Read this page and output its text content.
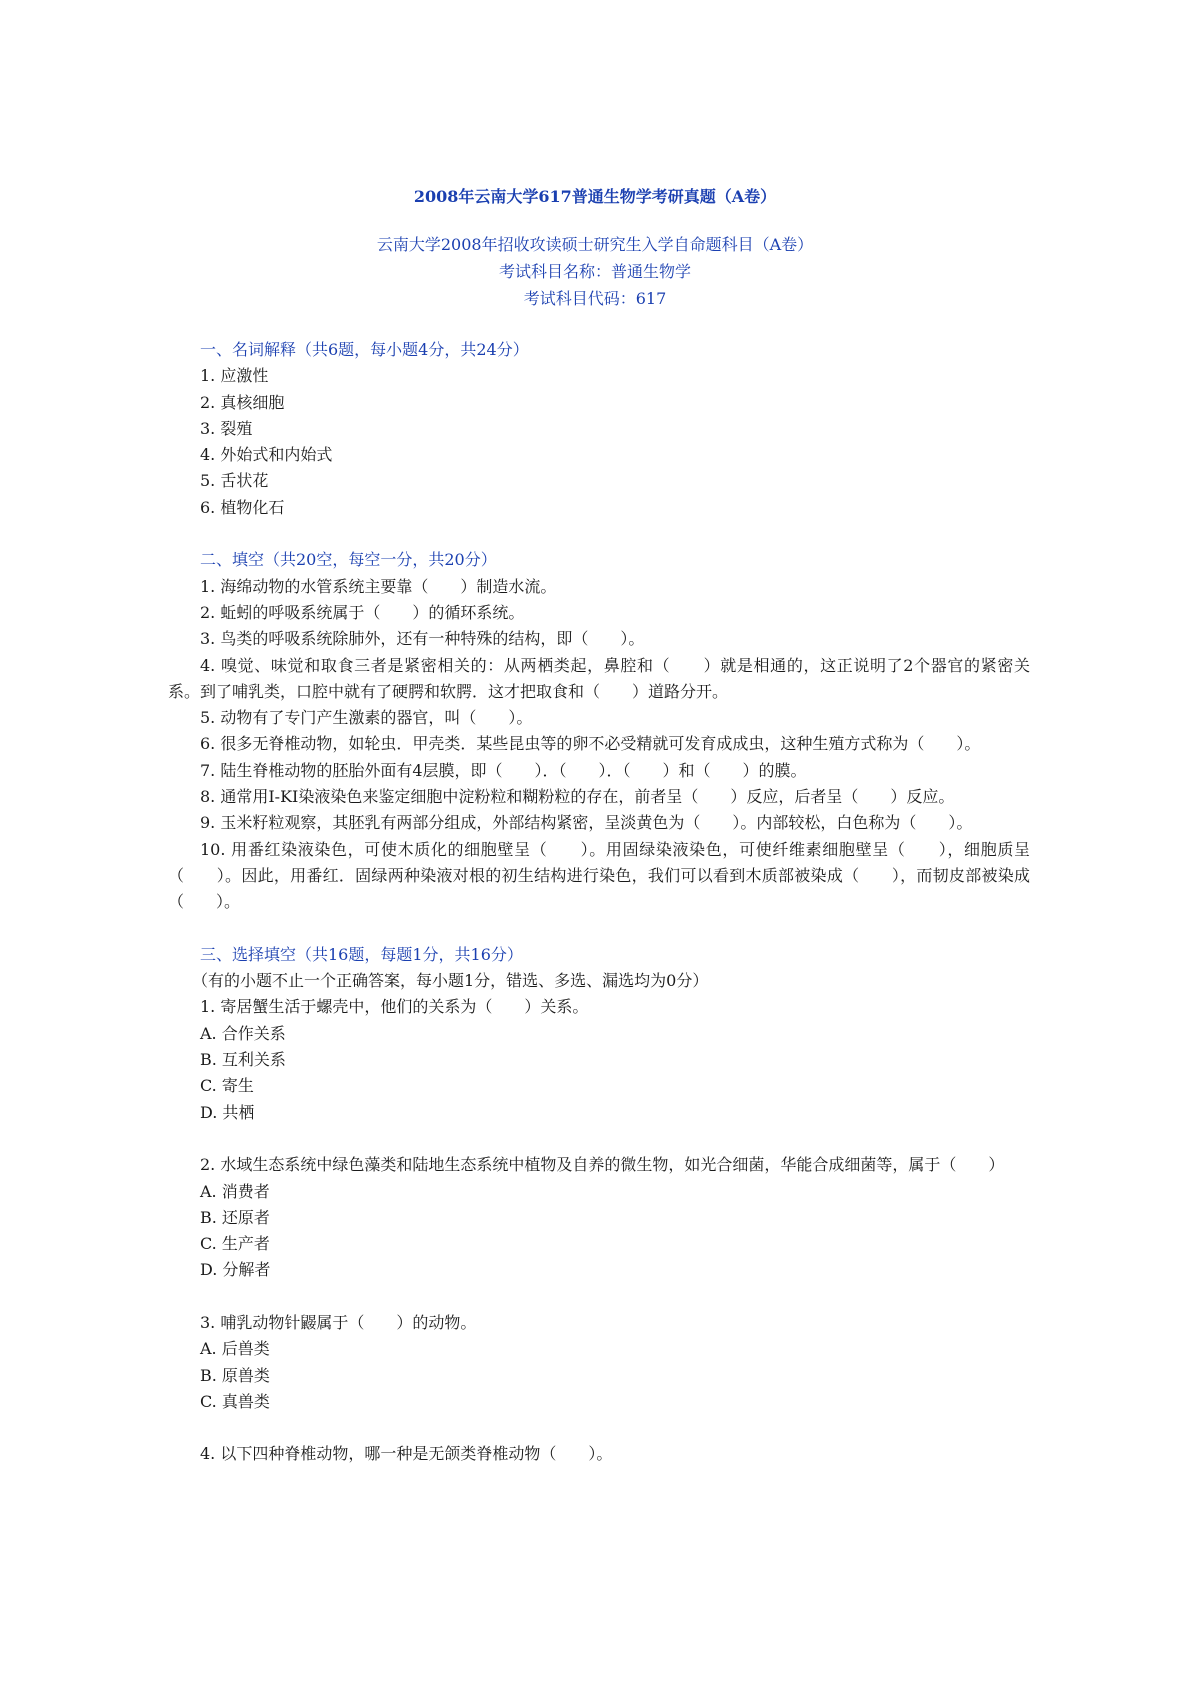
2008年云南大学617普通生物学考研真题（A卷）
云南大学2008年招收攻读硕士研究生入学自命题科目（A卷）
考试科目名称：普通生物学
考试科目代码：617
一、名词解释（共6题，每小题4分，共24分）
1. 应激性
2. 真核细胞
3. 裂殖
4. 外始式和内始式
5. 舌状花
6. 植物化石
二、填空（共20空，每空一分，共20分）
1. 海绵动物的水管系统主要靠（　　）制造水流。
2. 蚯蚓的呼吸系统属于（　　）的循环系统。
3. 鸟类的呼吸系统除肺外，还有一种特殊的结构，即（　　）。
4. 嗅觉、味觉和取食三者是紧密相关的：从两栖类起，鼻腔和（　　）就是相通的，这正说明了2个器官的紧密关系。到了哺乳类，口腔中就有了硬腭和软腭．这才把取食和（　　）道路分开。
5. 动物有了专门产生激素的器官，叫（　　）。
6. 很多无脊椎动物，如轮虫．甲壳类．某些昆虫等的卵不必受精就可发育成成虫，这种生殖方式称为（　　）。
7. 陆生脊椎动物的胚胎外面有4层膜，即（　　）．（　　）．（　　）和（　　）的膜。
8. 通常用I-KI染液染色来鉴定细胞中淀粉粒和糊粉粒的存在，前者呈（　　）反应，后者呈（　　）反应。
9. 玉米籽粒观察，其胚乳有两部分组成，外部结构紧密，呈淡黄色为（　　）。内部较松，白色称为（　　）。
10. 用番红染液染色，可使木质化的细胞壁呈（　　）。用固绿染液染色，可使纤维素细胞壁呈（　　），细胞质呈（　　）。因此，用番红．固绿两种染液对根的初生结构进行染色，我们可以看到木质部被染成（　　），而韧皮部被染成（　　）。
三、选择填空（共16题，每题1分，共16分）
（有的小题不止一个正确答案，每小题1分，错选、多选、漏选均为0分）
1. 寄居蟹生活于螺壳中，他们的关系为（　　）关系。
A. 合作关系
B. 互利关系
C. 寄生
D. 共栖
2. 水域生态系统中绿色藻类和陆地生态系统中植物及自养的微生物，如光合细菌，华能合成细菌等，属于（　　）
A. 消费者
B. 还原者
C. 生产者
D. 分解者
3. 哺乳动物针鼹属于（　　）的动物。
A. 后兽类
B. 原兽类
C. 真兽类
4. 以下四种脊椎动物，哪一种是无颌类脊椎动物（　　）。
